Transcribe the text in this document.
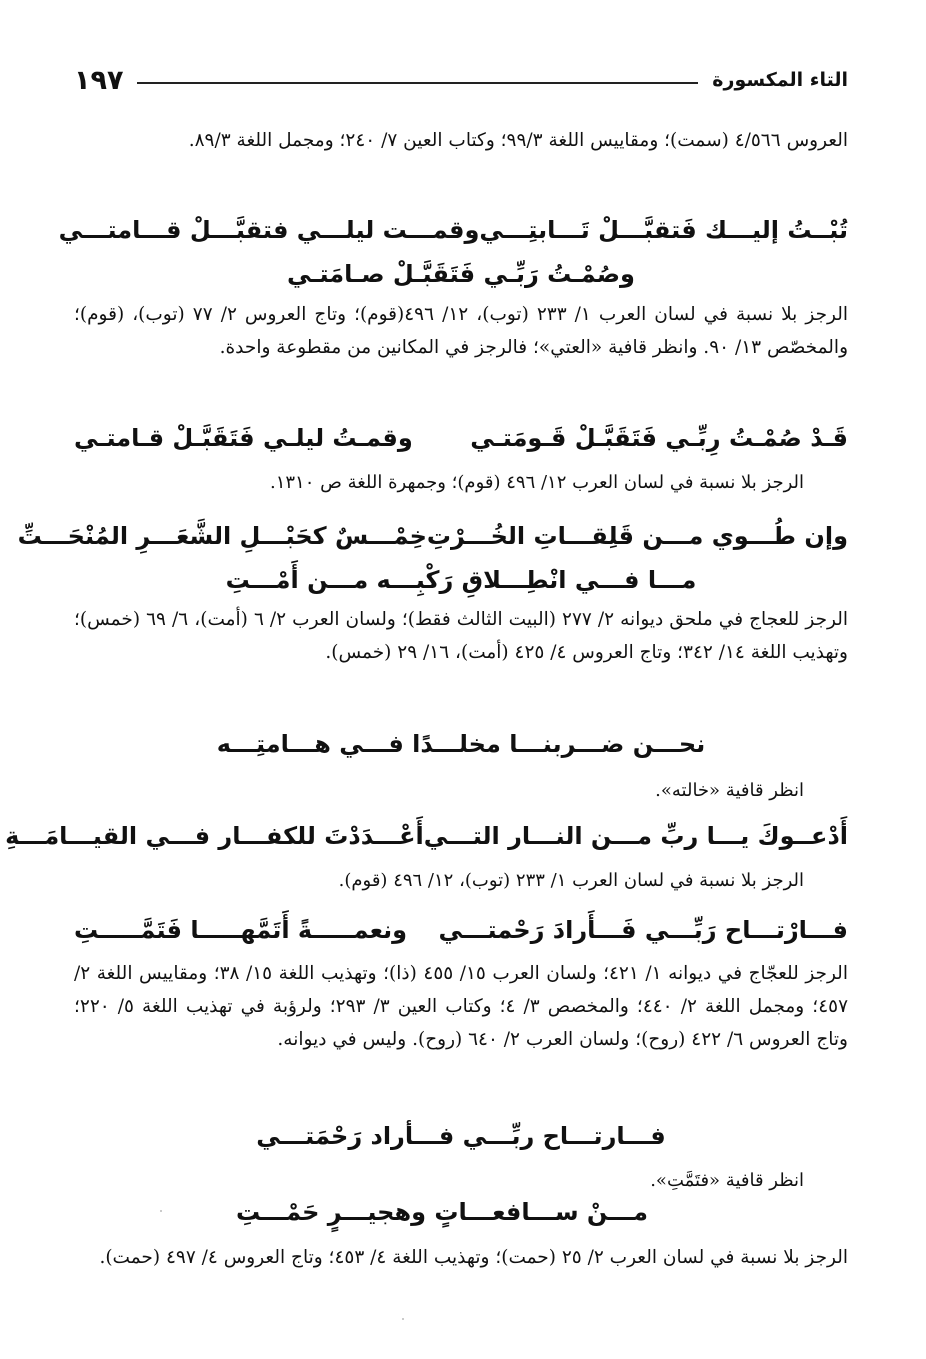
التاء المكسورة
١٩٧
العروس ٤/٥٦٦ (سمت)؛ ومقاييس اللغة ٩٩/٣؛ وكتاب العين ٧/ ٢٤٠؛ ومجمل اللغة ٨٩/٣.
تُبْــتُ إليـــك فَتقبَّـــلْ تَـــابتِـــي
وقمـــت ليلـــي فتقبَّـــلْ قـــامتـــي
وصُمْـتُ رَبِّـي فَتَقَبَّـلْ صـامَتـي
الرجز بلا نسبة في لسان العرب ١/ ٢٣٣ (توب)، ١٢/ ٤٩٦(قوم)؛ وتاج العروس ٢/ ٧٧ (توب)، (قوم)؛ والمخصّص ١٣/ ٩٠. وانظر قافية «العتي»؛ فالرجز في المكانين من مقطوعة واحدة.
قَـدْ صُمْـتُ رِبِّـي فَتَقَبَّـلْ قَـومَتـي
وقمـتُ ليلـي فَتَقَبَّـلْ قـامتـي
الرجز بلا نسبة في لسان العرب ١٢/ ٤٩٦ (قوم)؛ وجمهرة اللغة ص ١٣١٠.
وإن طُـــوي مـــن قَلِقـــاتِ الخُـــرْتِ
خِمْـــسٌ كحَبْـــلِ الشَّعَـــرِ المُنْحَـــتِّ
مـــا فـــي انْطِـــلاقِ رَكْبِـــه مـــن أَمْـــتِ
الرجز للعجاج في ملحق ديوانه ٢/ ٢٧٧ (البيت الثالث فقط)؛ ولسان العرب ٢/ ٦ (أمت)، ٦/ ٦٩ (خمس)؛ وتهذيب اللغة ١٤/ ٣٤٢؛ وتاج العروس ٤/ ٤٢٥ (أمت)، ١٦/ ٢٩ (خمس).
نحـــن ضـــربنـــا مخلـــدًا فـــي هـــامتِـــه
انظر قافية «خالته».
أَدْعــوكَ يـــا ربِّ مـــن النـــار التـــي
أَعْـــدَدْتَ للكفـــار فـــي القيـــامَـــةِ
الرجز بلا نسبة في لسان العرب ١/ ٢٣٣ (توب)، ١٢/ ٤٩٦ (قوم).
فـــارْتـــاح رَبِّـــي فَـــأَرادَ رَحْمتـــي
ونعمـــــةً أَتَمَّهـــــا فَتَمَّـــــتِ
الرجز للعجّاج في ديوانه ١/ ٤٢١؛ ولسان العرب ١٥/ ٤٥٥ (ذا)؛ وتهذيب اللغة ١٥/ ٣٨؛ ومقاييس اللغة ٢/ ٤٥٧؛ ومجمل اللغة ٢/ ٤٤٠؛ والمخصص ٣/ ٤؛ وكتاب العين ٣/ ٢٩٣؛ ولرؤبة في تهذيب اللغة ٥/ ٢٢٠؛ وتاج العروس ٦/ ٤٢٢ (روح)؛ ولسان العرب ٢/ ٦٤٠ (روح). وليس في ديوانه.
فـــارتـــاح ربِّـــي فـــأراد رَحْمَتـــي
انظر قافية «فتَمَّتِ».
مـــنْ ســـافعـــاتٍ وهجيـــرٍ حَمْـــتِ
الرجز بلا نسبة في لسان العرب ٢/ ٢٥ (حمت)؛ وتهذيب اللغة ٤/ ٤٥٣؛ وتاج العروس ٤/ ٤٩٧ (حمت).
